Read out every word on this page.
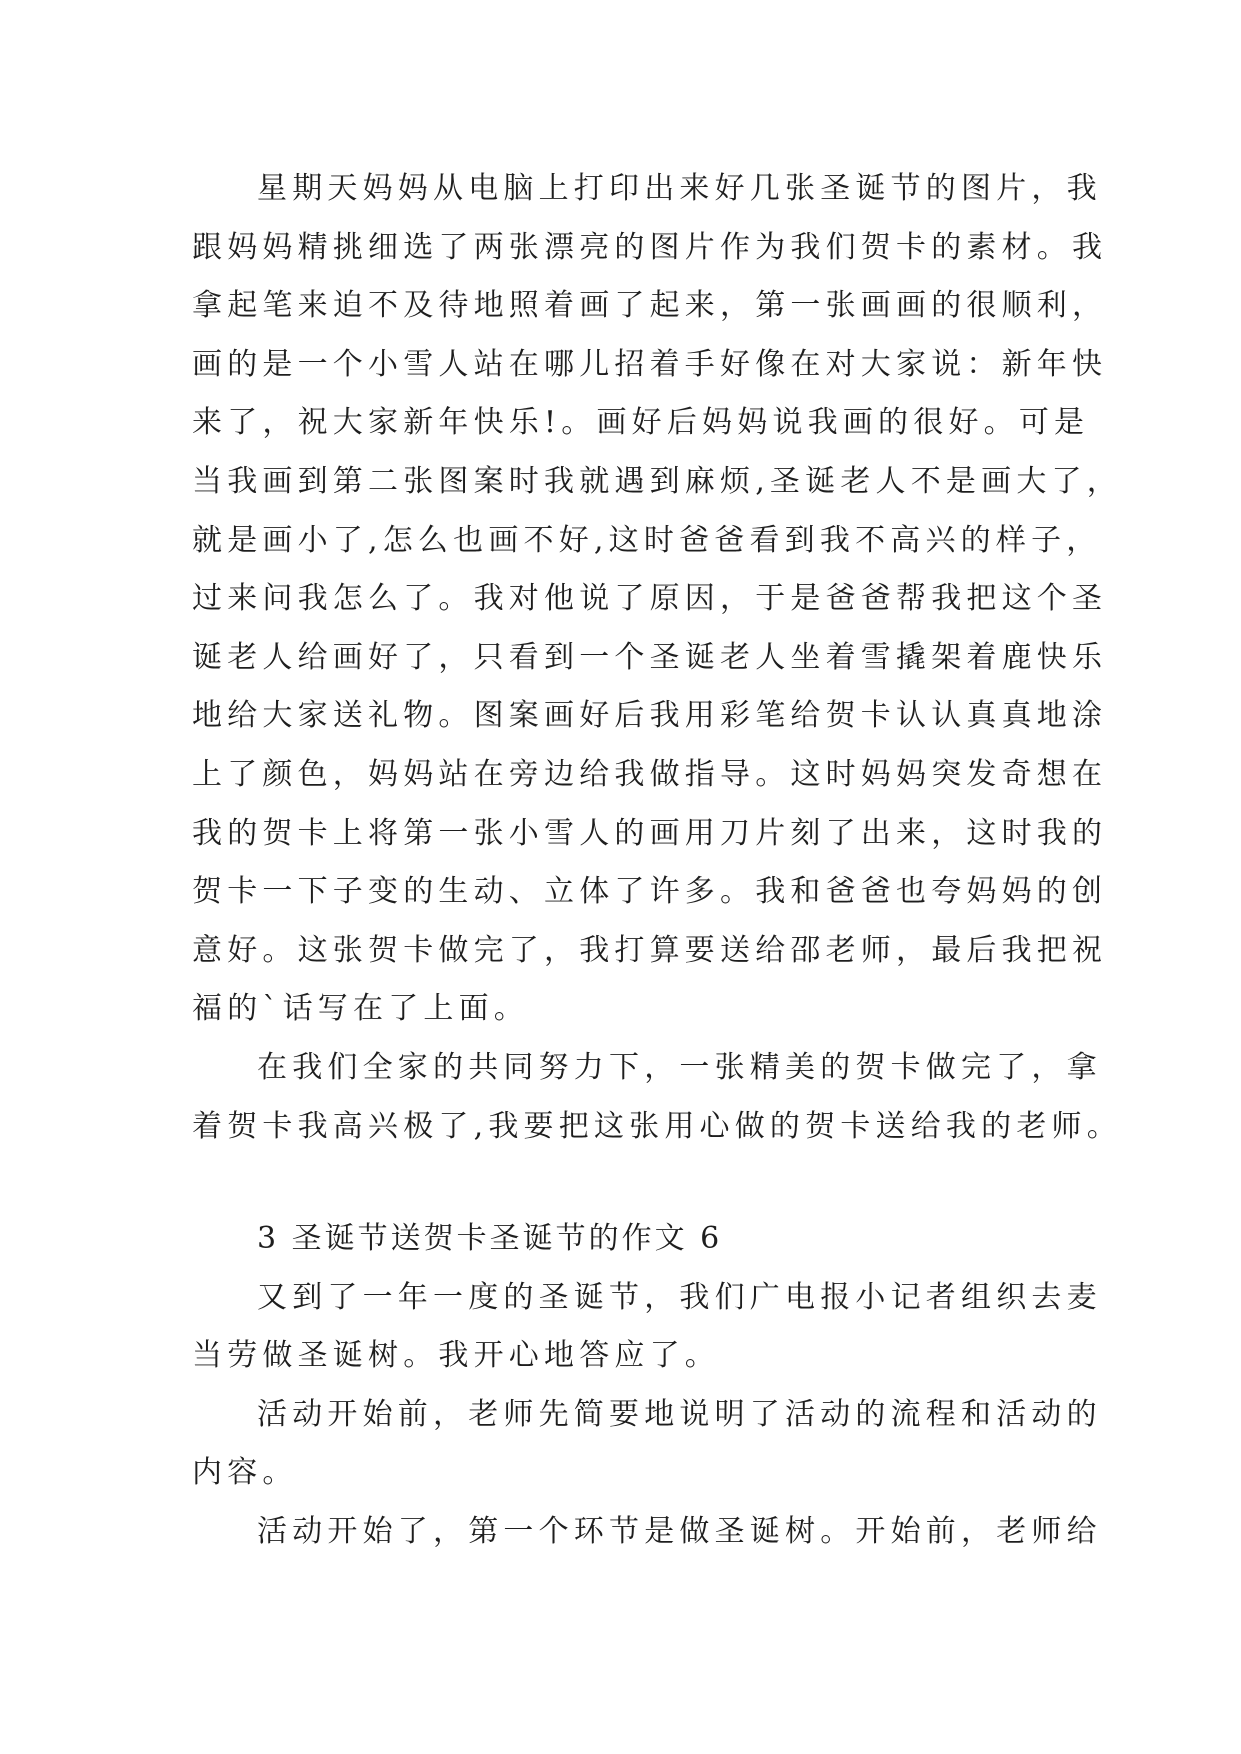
星期天妈妈从电脑上打印出来好几张圣诞节的图片，我
跟妈妈精挑细选了两张漂亮的图片作为我们贺卡的素材。我
拿起笔来迫不及待地照着画了起来，第一张画画的很顺利，
画的是一个小雪人站在哪儿招着手好像在对大家说：新年快
来了，祝大家新年快乐!。画好后妈妈说我画的很好。可是
当我画到第二张图案时我就遇到麻烦,圣诞老人不是画大了，
就是画小了,怎么也画不好,这时爸爸看到我不高兴的样子，
过来问我怎么了。我对他说了原因，于是爸爸帮我把这个圣
诞老人给画好了，只看到一个圣诞老人坐着雪撬架着鹿快乐
地给大家送礼物。图案画好后我用彩笔给贺卡认认真真地涂
上了颜色，妈妈站在旁边给我做指导。这时妈妈突发奇想在
我的贺卡上将第一张小雪人的画用刀片刻了出来，这时我的
贺卡一下子变的生动、立体了许多。我和爸爸也夸妈妈的创
意好。这张贺卡做完了，我打算要送给邵老师，最后我把祝
福的`话写在了上面。
在我们全家的共同努力下，一张精美的贺卡做完了，拿
着贺卡我高兴极了,我要把这张用心做的贺卡送给我的老师。
3 圣诞节送贺卡圣诞节的作文 6
又到了一年一度的圣诞节，我们广电报小记者组织去麦
当劳做圣诞树。我开心地答应了。
活动开始前，老师先简要地说明了活动的流程和活动的
内容。
活动开始了，第一个环节是做圣诞树。开始前，老师给
